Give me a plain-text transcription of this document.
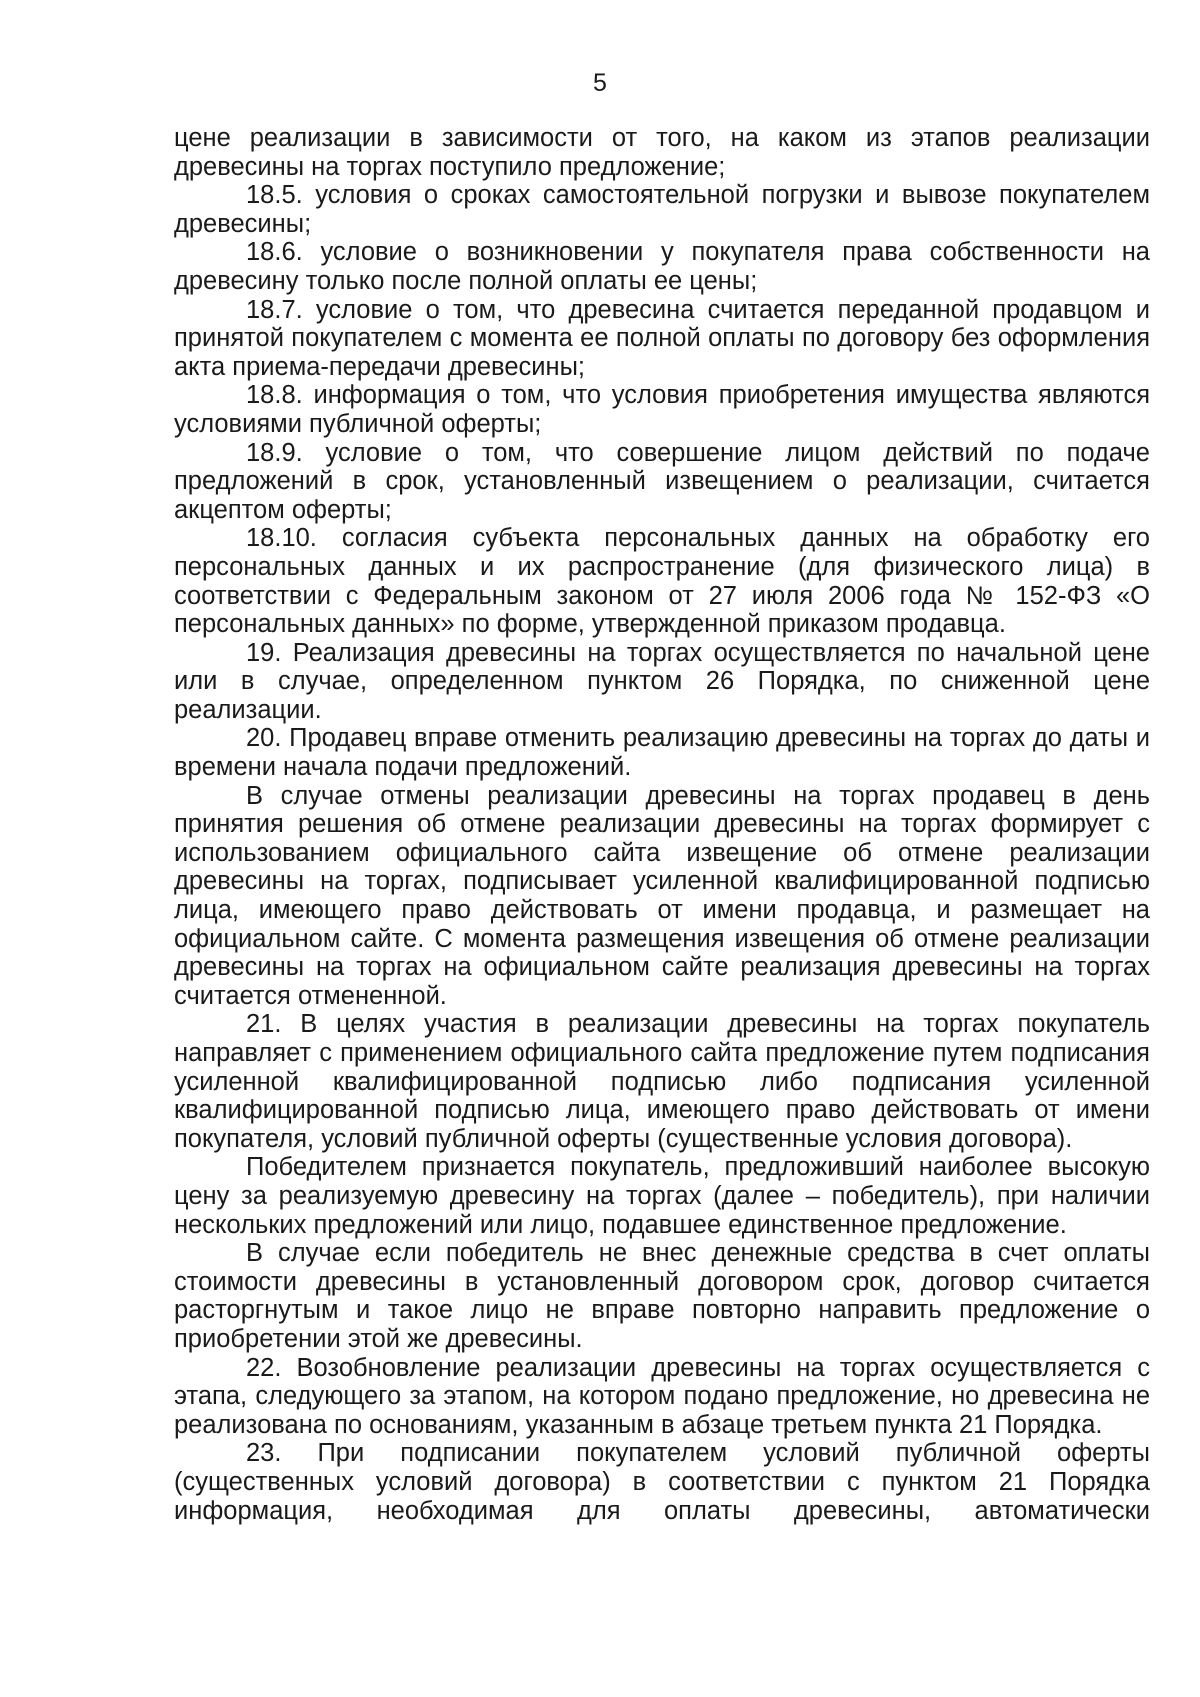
5

цене реализации в зависимости от того, на каком из этапов реализации древесины на торгах поступило предложение;

18.5. условия о сроках самостоятельной погрузки и вывозе покупателем древесины;

18.6. условие о возникновении у покупателя права собственности на древесину только после полной оплаты ее цены;

18.7. условие о том, что древесина считается переданной продавцом и принятой покупателем с момента ее полной оплаты по договору без оформления акта приема-передачи древесины;

18.8. информация о том, что условия приобретения имущества являются условиями публичной оферты;

18.9. условие о том, что совершение лицом действий по подаче предложений в срок, установленный извещением о реализации, считается акцептом оферты;

18.10. согласия субъекта персональных данных на обработку его персональных данных и их распространение (для физического лица) в соответствии с Федеральным законом от 27 июля 2006 года № 152-ФЗ «О персональных данных» по форме, утвержденной приказом продавца.

19. Реализация древесины на торгах осуществляется по начальной цене или в случае, определенном пунктом 26 Порядка, по сниженной цене реализации.

20. Продавец вправе отменить реализацию древесины на торгах до даты и времени начала подачи предложений.

В случае отмены реализации древесины на торгах продавец в день принятия решения об отмене реализации древесины на торгах формирует с использованием официального сайта извещение об отмене реализации древесины на торгах, подписывает усиленной квалифицированной подписью лица, имеющего право действовать от имени продавца, и размещает на официальном сайте. С момента размещения извещения об отмене реализации древесины на торгах на официальном сайте реализация древесины на торгах считается отмененной.

21. В целях участия в реализации древесины на торгах покупатель направляет с применением официального сайта предложение путем подписания усиленной квалифицированной подписью либо подписания усиленной квалифицированной подписью лица, имеющего право действовать от имени покупателя, условий публичной оферты (существенные условия договора).

Победителем признается покупатель, предложивший наиболее высокую цену за реализуемую древесину на торгах (далее – победитель), при наличии нескольких предложений или лицо, подавшее единственное предложение.

В случае если победитель не внес денежные средства в счет оплаты стоимости древесины в установленный договором срок, договор считается расторгнутым и такое лицо не вправе повторно направить предложение о приобретении этой же древесины.

22. Возобновление реализации древесины на торгах осуществляется с этапа, следующего за этапом, на котором подано предложение, но древесина не реализована по основаниям, указанным в абзаце третьем пункта 21 Порядка.

23. При подписании покупателем условий публичной оферты (существенных условий договора) в соответствии с пунктом 21 Порядка информация, необходимая для оплаты древесины, автоматически
